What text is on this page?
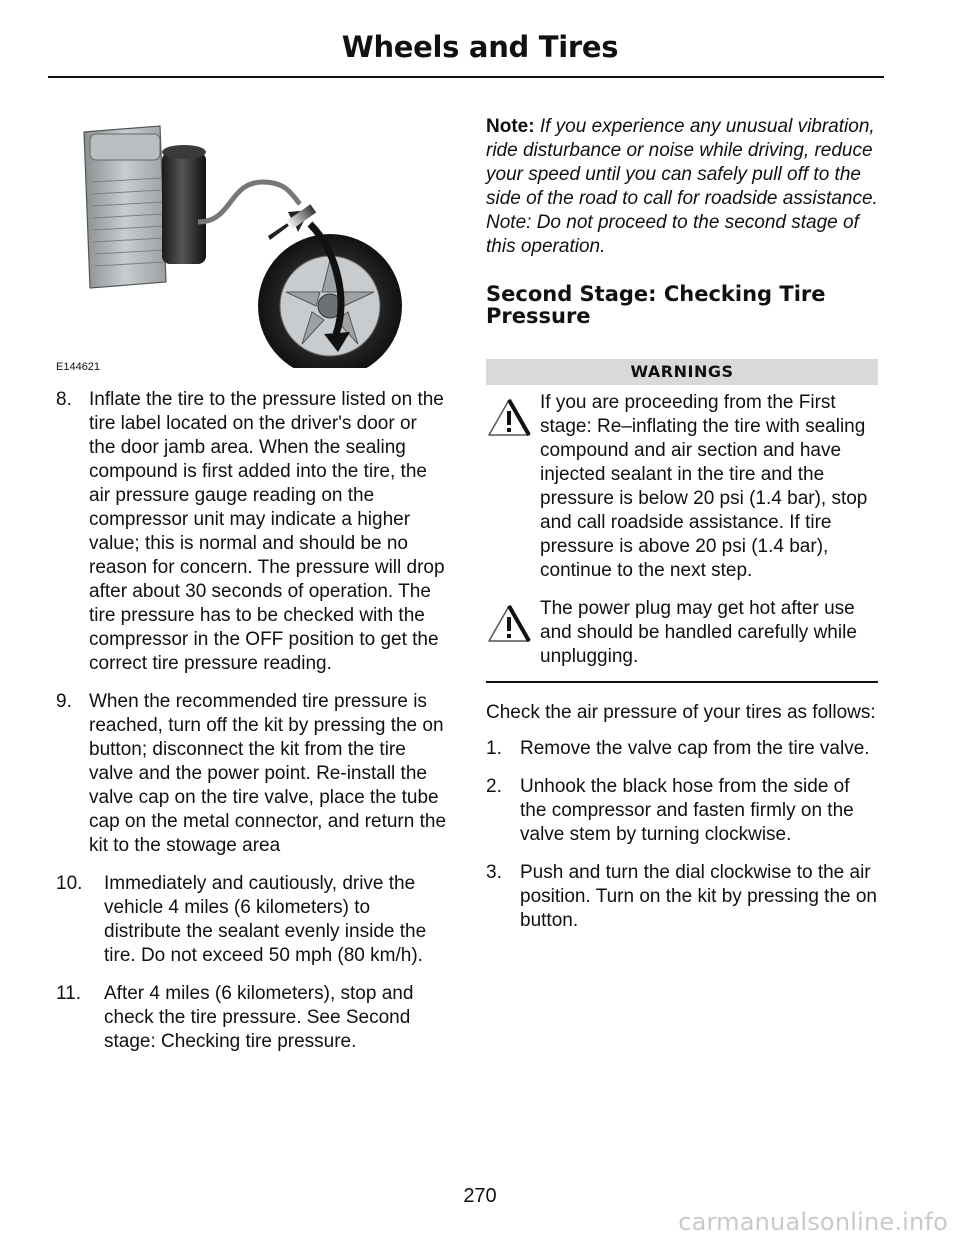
Wheels and Tires
E144621
8. Inflate the tire to the pressure listed on the tire label located on the driver's door or the door jamb area. When the sealing compound is first added into the tire, the air pressure gauge reading on the compressor unit may indicate a higher value; this is normal and should be no reason for concern. The pressure will drop after about 30 seconds of operation. The tire pressure has to be checked with the compressor in the OFF position to get the correct tire pressure reading.
9. When the recommended tire pressure is reached, turn off the kit by pressing the on button; disconnect the kit from the tire valve and the power point. Re-install the valve cap on the tire valve, place the tube cap on the metal connector, and return the kit to the stowage area
10. Immediately and cautiously, drive the vehicle 4 miles (6 kilometers) to distribute the sealant evenly inside the tire. Do not exceed 50 mph (80 km/h).
11. After 4 miles (6 kilometers), stop and check the tire pressure. See Second stage: Checking tire pressure.

Note: If you experience any unusual vibration, ride disturbance or noise while driving, reduce your speed until you can safely pull off to the side of the road to call for roadside assistance. Note: Do not proceed to the second stage of this operation.

Second Stage: Checking Tire Pressure
WARNINGS
If you are proceeding from the First stage: Re–inflating the tire with sealing compound and air section and have injected sealant in the tire and the pressure is below 20 psi (1.4 bar), stop and call roadside assistance. If tire pressure is above 20 psi (1.4 bar), continue to the next step.
The power plug may get hot after use and should be handled carefully while unplugging.
Check the air pressure of your tires as follows:
1. Remove the valve cap from the tire valve.
2. Unhook the black hose from the side of the compressor and fasten firmly on the valve stem by turning clockwise.
3. Push and turn the dial clockwise to the air position. Turn on the kit by pressing the on button.
270
carmanualsonline.info
